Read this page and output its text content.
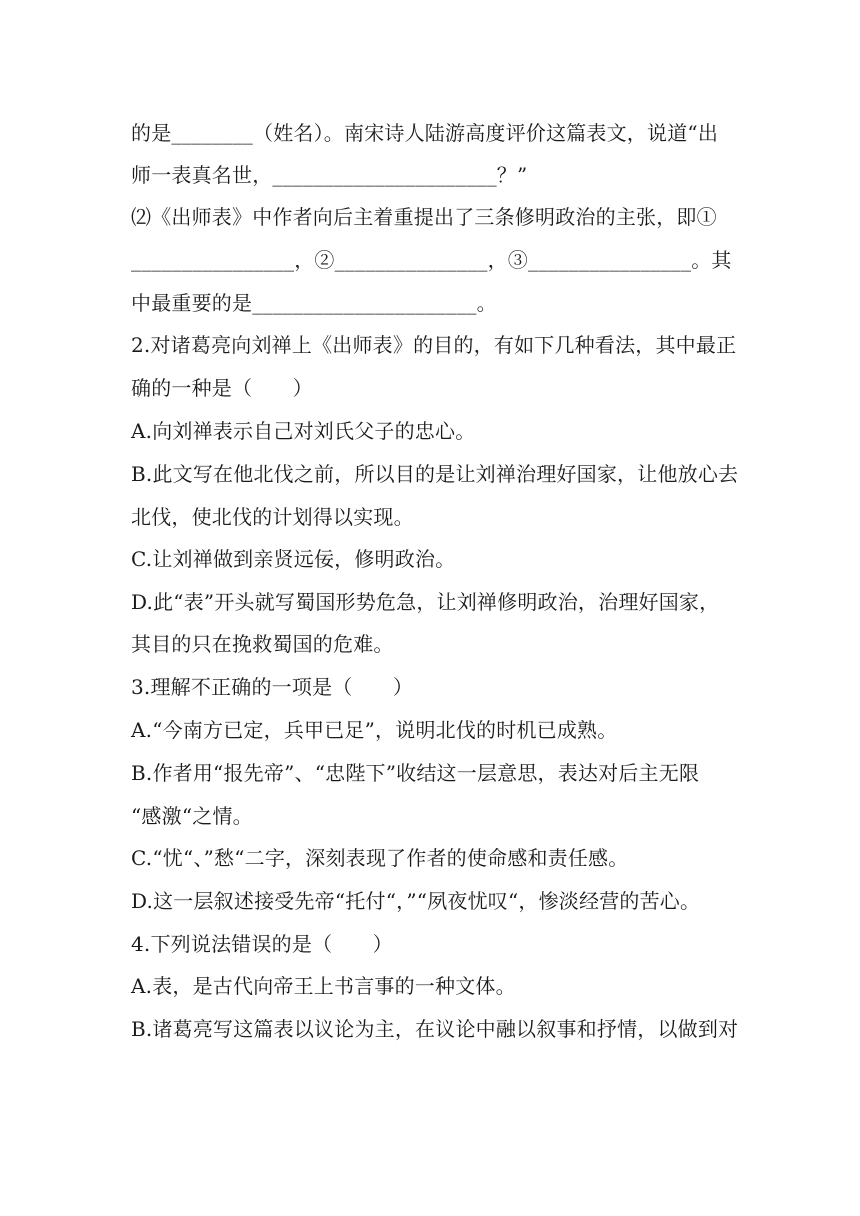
的是________（姓名）。南宋诗人陆游高度评价这篇表文，说道“出
师一表真名世，______________________？”
⑵《出师表》中作者向后主着重提出了三条修明政治的主张，即①
________________，②_______________，③________________。其
中最重要的是______________________。
2.对诸葛亮向刘禅上《出师表》的目的，有如下几种看法，其中最正
确的一种是（　　）
A.向刘禅表示自己对刘氏父子的忠心。
B.此文写在他北伐之前，所以目的是让刘禅治理好国家，让他放心去
北伐，使北伐的计划得以实现。
C.让刘禅做到亲贤远佞，修明政治。
D.此“表”开头就写蜀国形势危急，让刘禅修明政治，治理好国家，
其目的只在挽救蜀国的危难。
3.理解不正确的一项是（　　）
A.“今南方已定，兵甲已足”，说明北伐的时机已成熟。
B.作者用“报先帝”、“忠陛下”收结这一层意思，表达对后主无限
“感激“之情。
C.“忧“、”愁“二字，深刻表现了作者的使命感和责任感。
D.这一层叙述接受先帝“托付“，”“夙夜忧叹“，惨淡经营的苦心。
4.下列说法错误的是（　　）
A.表，是古代向帝王上书言事的一种文体。
B.诸葛亮写这篇表以议论为主，在议论中融以叙事和抒情，以做到对
